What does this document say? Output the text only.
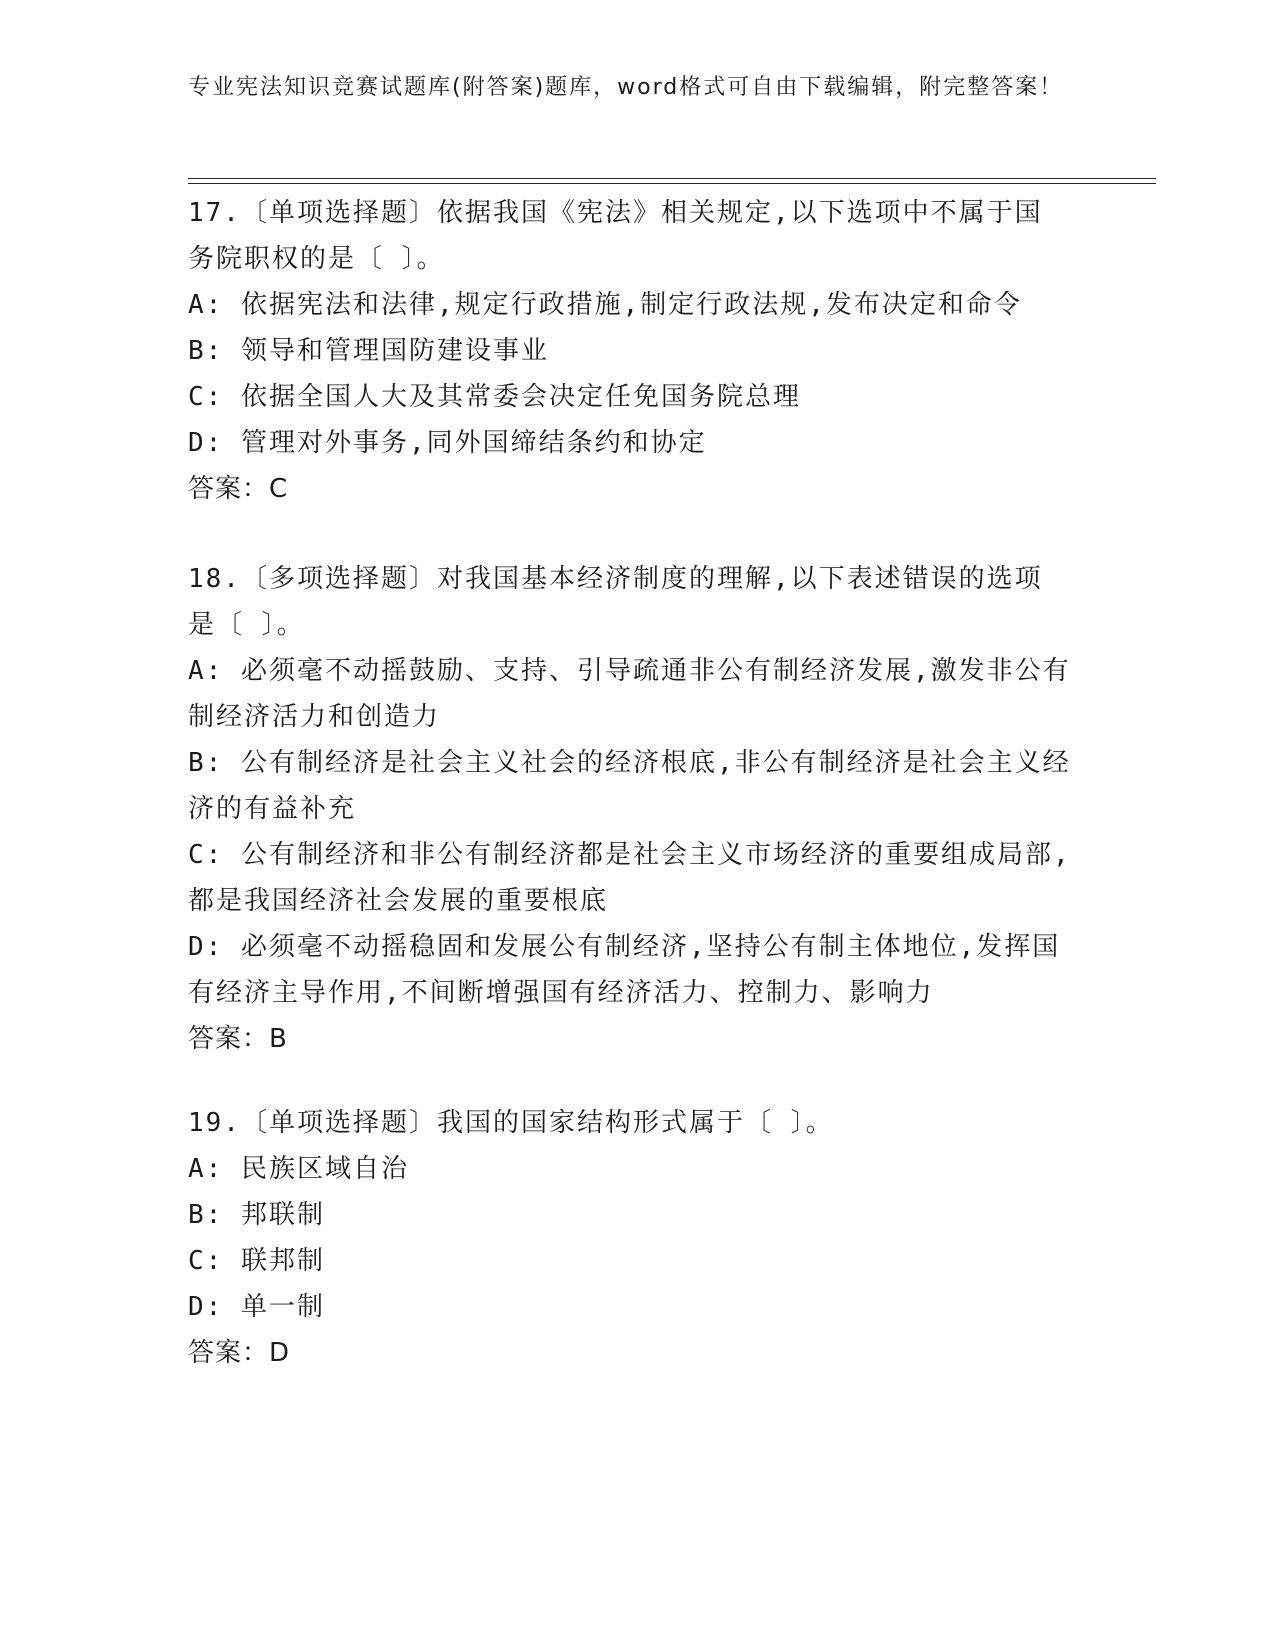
专业宪法知识竞赛试题库(附答案)题库，word格式可自由下载编辑，附完整答案！
17.〔单项选择题〕依据我国《宪法》相关规定,以下选项中不属于国务院职权的是〔 〕。
A: 依据宪法和法律,规定行政措施,制定行政法规,发布决定和命令
B: 领导和管理国防建设事业
C: 依据全国人大及其常委会决定任免国务院总理
D: 管理对外事务,同外国缔结条约和协定
答案：C
18.〔多项选择题〕对我国基本经济制度的理解,以下表述错误的选项是〔 〕。
A: 必须毫不动摇鼓励、支持、引导疏通非公有制经济发展,激发非公有制经济活力和创造力
B: 公有制经济是社会主义社会的经济根底,非公有制经济是社会主义经济的有益补充
C: 公有制经济和非公有制经济都是社会主义市场经济的重要组成局部,都是我国经济社会发展的重要根底
D: 必须毫不动摇稳固和发展公有制经济,坚持公有制主体地位,发挥国有经济主导作用,不间断增强国有经济活力、控制力、影响力
答案：B
19.〔单项选择题〕我国的国家结构形式属于〔 〕。
A: 民族区域自治
B: 邦联制
C: 联邦制
D: 单一制
答案：D
